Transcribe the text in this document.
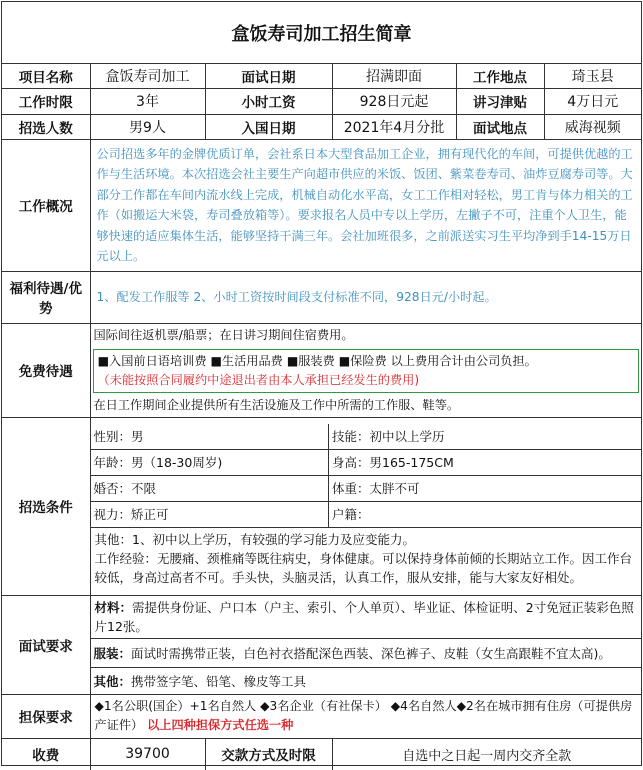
盒饭寿司加工招生简章
项目名称	盒饭寿司加工	面试日期	招满即面	工作地点	琦玉县
工作时限	3年	小时工资	928日元起	讲习津贴	4万日元
招选人数	男9人	入国日期	2021年4月分批	面试地点	威海视频
工作概况	公司招选多年的金牌优质订单，会社系日本大型食品加工企业，拥有现代化的车间，可提供优越的工作与生活环境。本次招选会社主要生产向超市供应的米饭、饭团、紫菜卷寿司、油炸豆腐寿司等。大部分工作都在车间内流水线上完成，机械自动化水平高，女工工作相对轻松，男工肯与体力相关的工作（如搬运大米袋，寿司叠放箱等）。要求报名人员中专以上学历，左撇子不可，注重个人卫生，能够快速的适应集体生活，能够坚持干满三年。会社加班很多，之前派送实习生平均净到手14-15万日元以上。
福利待遇/优势	1、配发工作服等 2、小时工资按时间段支付标准不同，928日元/小时起。
免费待遇	
国际间往返机票/船票；在日讲习期间住宿费用。
■入国前日语培训费 ■生活用品费 ■服装费 ■保险费 以上费用合计由公司负担。
（未能按照合同履约中途退出者由本人承担已经发生的费用)
在日工作期间企业提供所有生活设施及工作中所需的工作服、鞋等。

招选条件	
性别：男	技能：初中以上学历
年龄：男（18-30周岁)	身高：男165-175CM
婚否：不限	体重：太胖不可
视力：矫正可	户籍：

其他：1、初中以上学历，有较强的学习能力及应变能力。
工作经验：无腰痛、颈椎痛等既往病史，身体健康。可以保持身体前倾的长期站立工作。因工作台较低，身高过高者不可。手头快，头脑灵活，认真工作，服从安排，能与大家友好相处。

面试要求	
材料：需提供身份证、户口本（户主、索引、个人单页）、毕业证、体检证明、2寸免冠正装彩色照片12张。
服装：面试时需携带正装，白色衬衣搭配深色西装、深色裤子、皮鞋（女生高跟鞋不宜太高)。
其他：携带签字笔、铅笔、橡皮等工具

担保要求	◆1名公职(国企）+1名自然人 ◆3名企业（有社保卡） ◆4名自然人◆2名在城市拥有住房（可提供房产证件） 以上四种担保方式任选一种
收费	39700	交款方式及时限	自选中之日起一周内交齐全款
